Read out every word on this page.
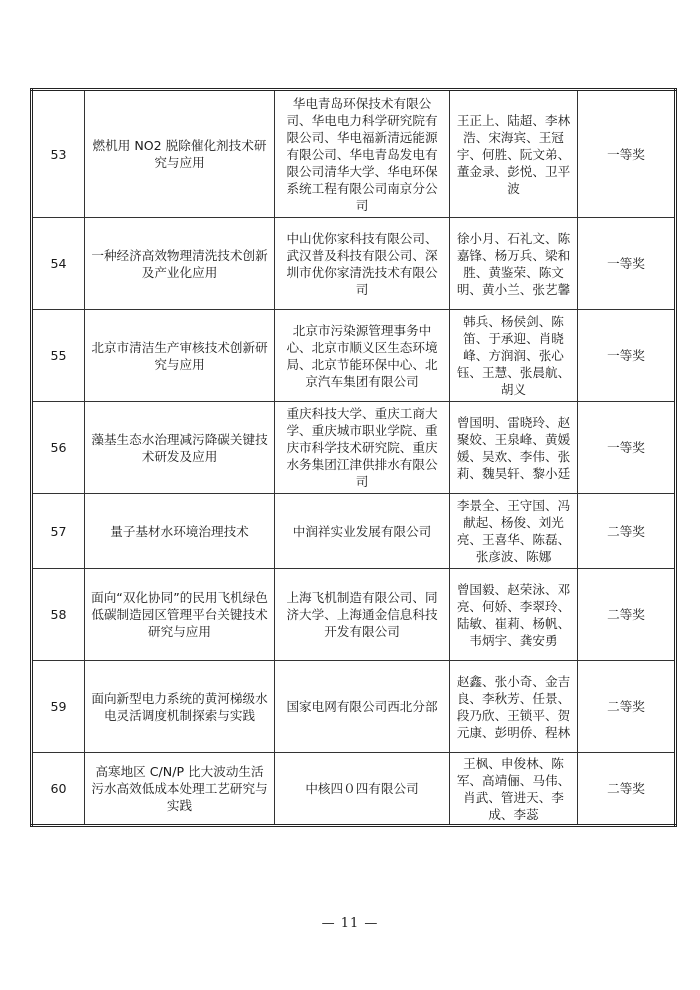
53	燃机用 NO2 脱除催化剂技术研究与应用	华电青岛环保技术有限公司、华电电力科学研究院有限公司、华电福新清远能源有限公司、华电青岛发电有限公司清华大学、华电环保系统工程有限公司南京分公司	王正上、陆超、李林浩、宋海宾、王冠宇、何胜、阮文弟、董金录、彭悦、卫平波	一等奖
54	一种经济高效物理清洗技术创新及产业化应用	中山优你家科技有限公司、武汉普及科技有限公司、深圳市优你家清洗技术有限公司	徐小月、石礼文、陈嘉锋、杨万兵、梁和胜、黄鉴荣、陈文明、黄小兰、张艺馨	一等奖
55	北京市清洁生产审核技术创新研究与应用	北京市污染源管理事务中心、北京市顺义区生态环境局、北京节能环保中心、北京汽车集团有限公司	韩兵、杨侯剑、陈笛、于承迎、肖晓峰、方润润、张心钰、王慧、张晨航、胡义	一等奖
56	藻基生态水治理减污降碳关键技术研发及应用	重庆科技大学、重庆工商大学、重庆城市职业学院、重庆市科学技术研究院、重庆水务集团江津供排水有限公司	曾国明、雷晓玲、赵聚姣、王泉峰、黄媛媛、吴欢、李伟、张莉、魏昊轩、黎小廷	一等奖
57	量子基材水环境治理技术	中润祥实业发展有限公司	李景全、王守国、冯献起、杨俊、刘光亮、王喜华、陈磊、张彦波、陈娜	二等奖
58	面向“双化协同”的民用飞机绿色低碳制造园区管理平台关键技术研究与应用	上海飞机制造有限公司、同济大学、上海通金信息科技开发有限公司	曾国毅、赵荣泳、邓亮、何娇、李翠玲、陆敏、崔莉、杨帆、韦炳宇、龚安勇	二等奖
59	面向新型电力系统的黄河梯级水电灵活调度机制探索与实践	国家电网有限公司西北分部	赵鑫、张小奇、金吉良、李秋芳、任景、段乃欣、王锁平、贺元康、彭明侨、程林	二等奖
60	高寒地区 C/N/P 比大波动生活污水高效低成本处理工艺研究与实践	中核四０四有限公司	王枫、申俊林、陈军、高靖俪、马伟、肖武、管进天、李成、李蕊	二等奖
— 11 —
